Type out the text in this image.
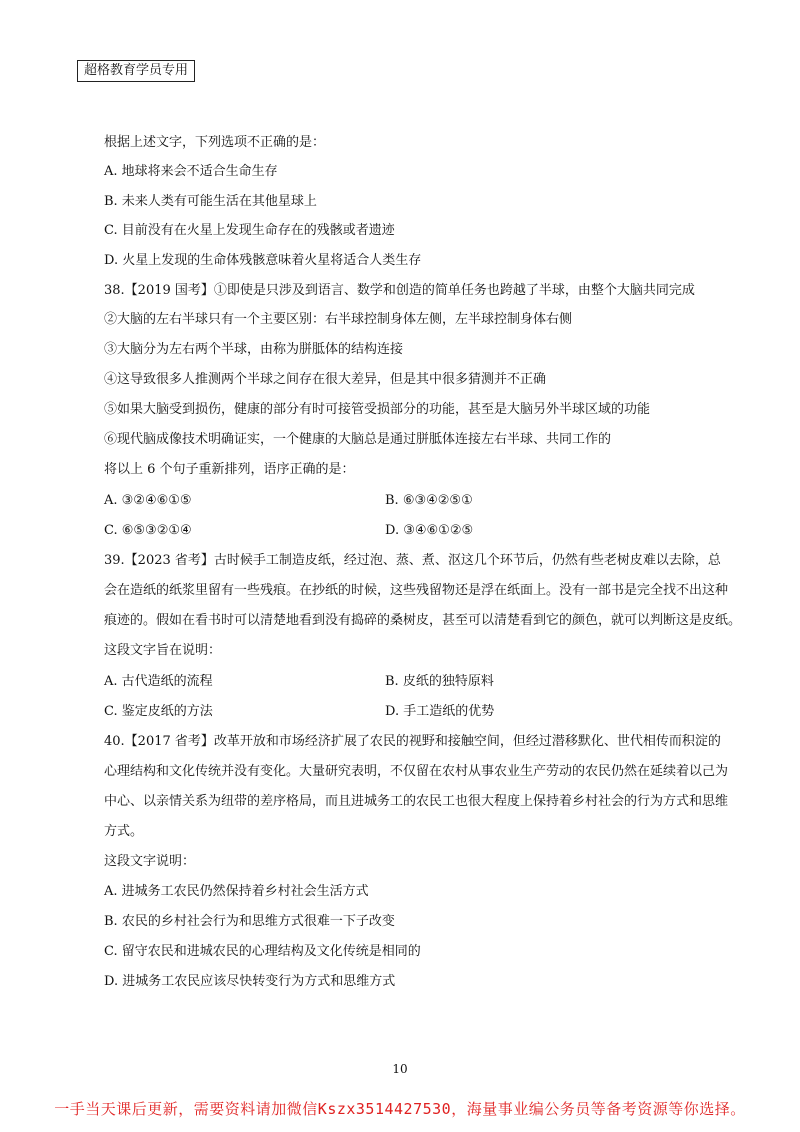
超格教育学员专用
根据上述文字，下列选项不正确的是：
A. 地球将来会不适合生命生存
B. 未来人类有可能生活在其他星球上
C. 目前没有在火星上发现生命存在的残骸或者遗迹
D. 火星上发现的生命体残骸意味着火星将适合人类生存
38.【2019 国考】①即使是只涉及到语言、数学和创造的简单任务也跨越了半球，由整个大脑共同完成
②大脑的左右半球只有一个主要区别：右半球控制身体左侧，左半球控制身体右侧
③大脑分为左右两个半球，由称为胼胝体的结构连接
④这导致很多人推测两个半球之间存在很大差异，但是其中很多猜测并不正确
⑤如果大脑受到损伤，健康的部分有时可接管受损部分的功能，甚至是大脑另外半球区域的功能
⑥现代脑成像技术明确证实，一个健康的大脑总是通过胼胝体连接左右半球、共同工作的
将以上 6 个句子重新排列，语序正确的是：
A. ③②④⑥①⑤	B. ⑥③④②⑤①
C. ⑥⑤③②①④	D. ③④⑥①②⑤
39.【2023 省考】古时候手工制造皮纸，经过泡、蒸、煮、沤这几个环节后，仍然有些老树皮难以去除，总
会在造纸的纸浆里留有一些残痕。在抄纸的时候，这些残留物还是浮在纸面上。没有一部书是完全找不出这种
痕迹的。假如在看书时可以清楚地看到没有捣碎的桑树皮，甚至可以清楚看到它的颜色，就可以判断这是皮纸。
这段文字旨在说明：
A. 古代造纸的流程	B. 皮纸的独特原料
C. 鉴定皮纸的方法	D. 手工造纸的优势
40.【2017 省考】改革开放和市场经济扩展了农民的视野和接触空间，但经过潜移默化、世代相传而积淀的
心理结构和文化传统并没有变化。大量研究表明，不仅留在农村从事农业生产劳动的农民仍然在延续着以己为
中心、以亲情关系为纽带的差序格局，而且进城务工的农民工也很大程度上保持着乡村社会的行为方式和思维
方式。
这段文字说明：
A. 进城务工农民仍然保持着乡村社会生活方式
B. 农民的乡村社会行为和思维方式很难一下子改变
C. 留守农民和进城农民的心理结构及文化传统是相同的
D. 进城务工农民应该尽快转变行为方式和思维方式
10
一手当天课后更新，需要资料请加微信Kszx3514427530，海量事业编公务员等备考资源等你选择。
